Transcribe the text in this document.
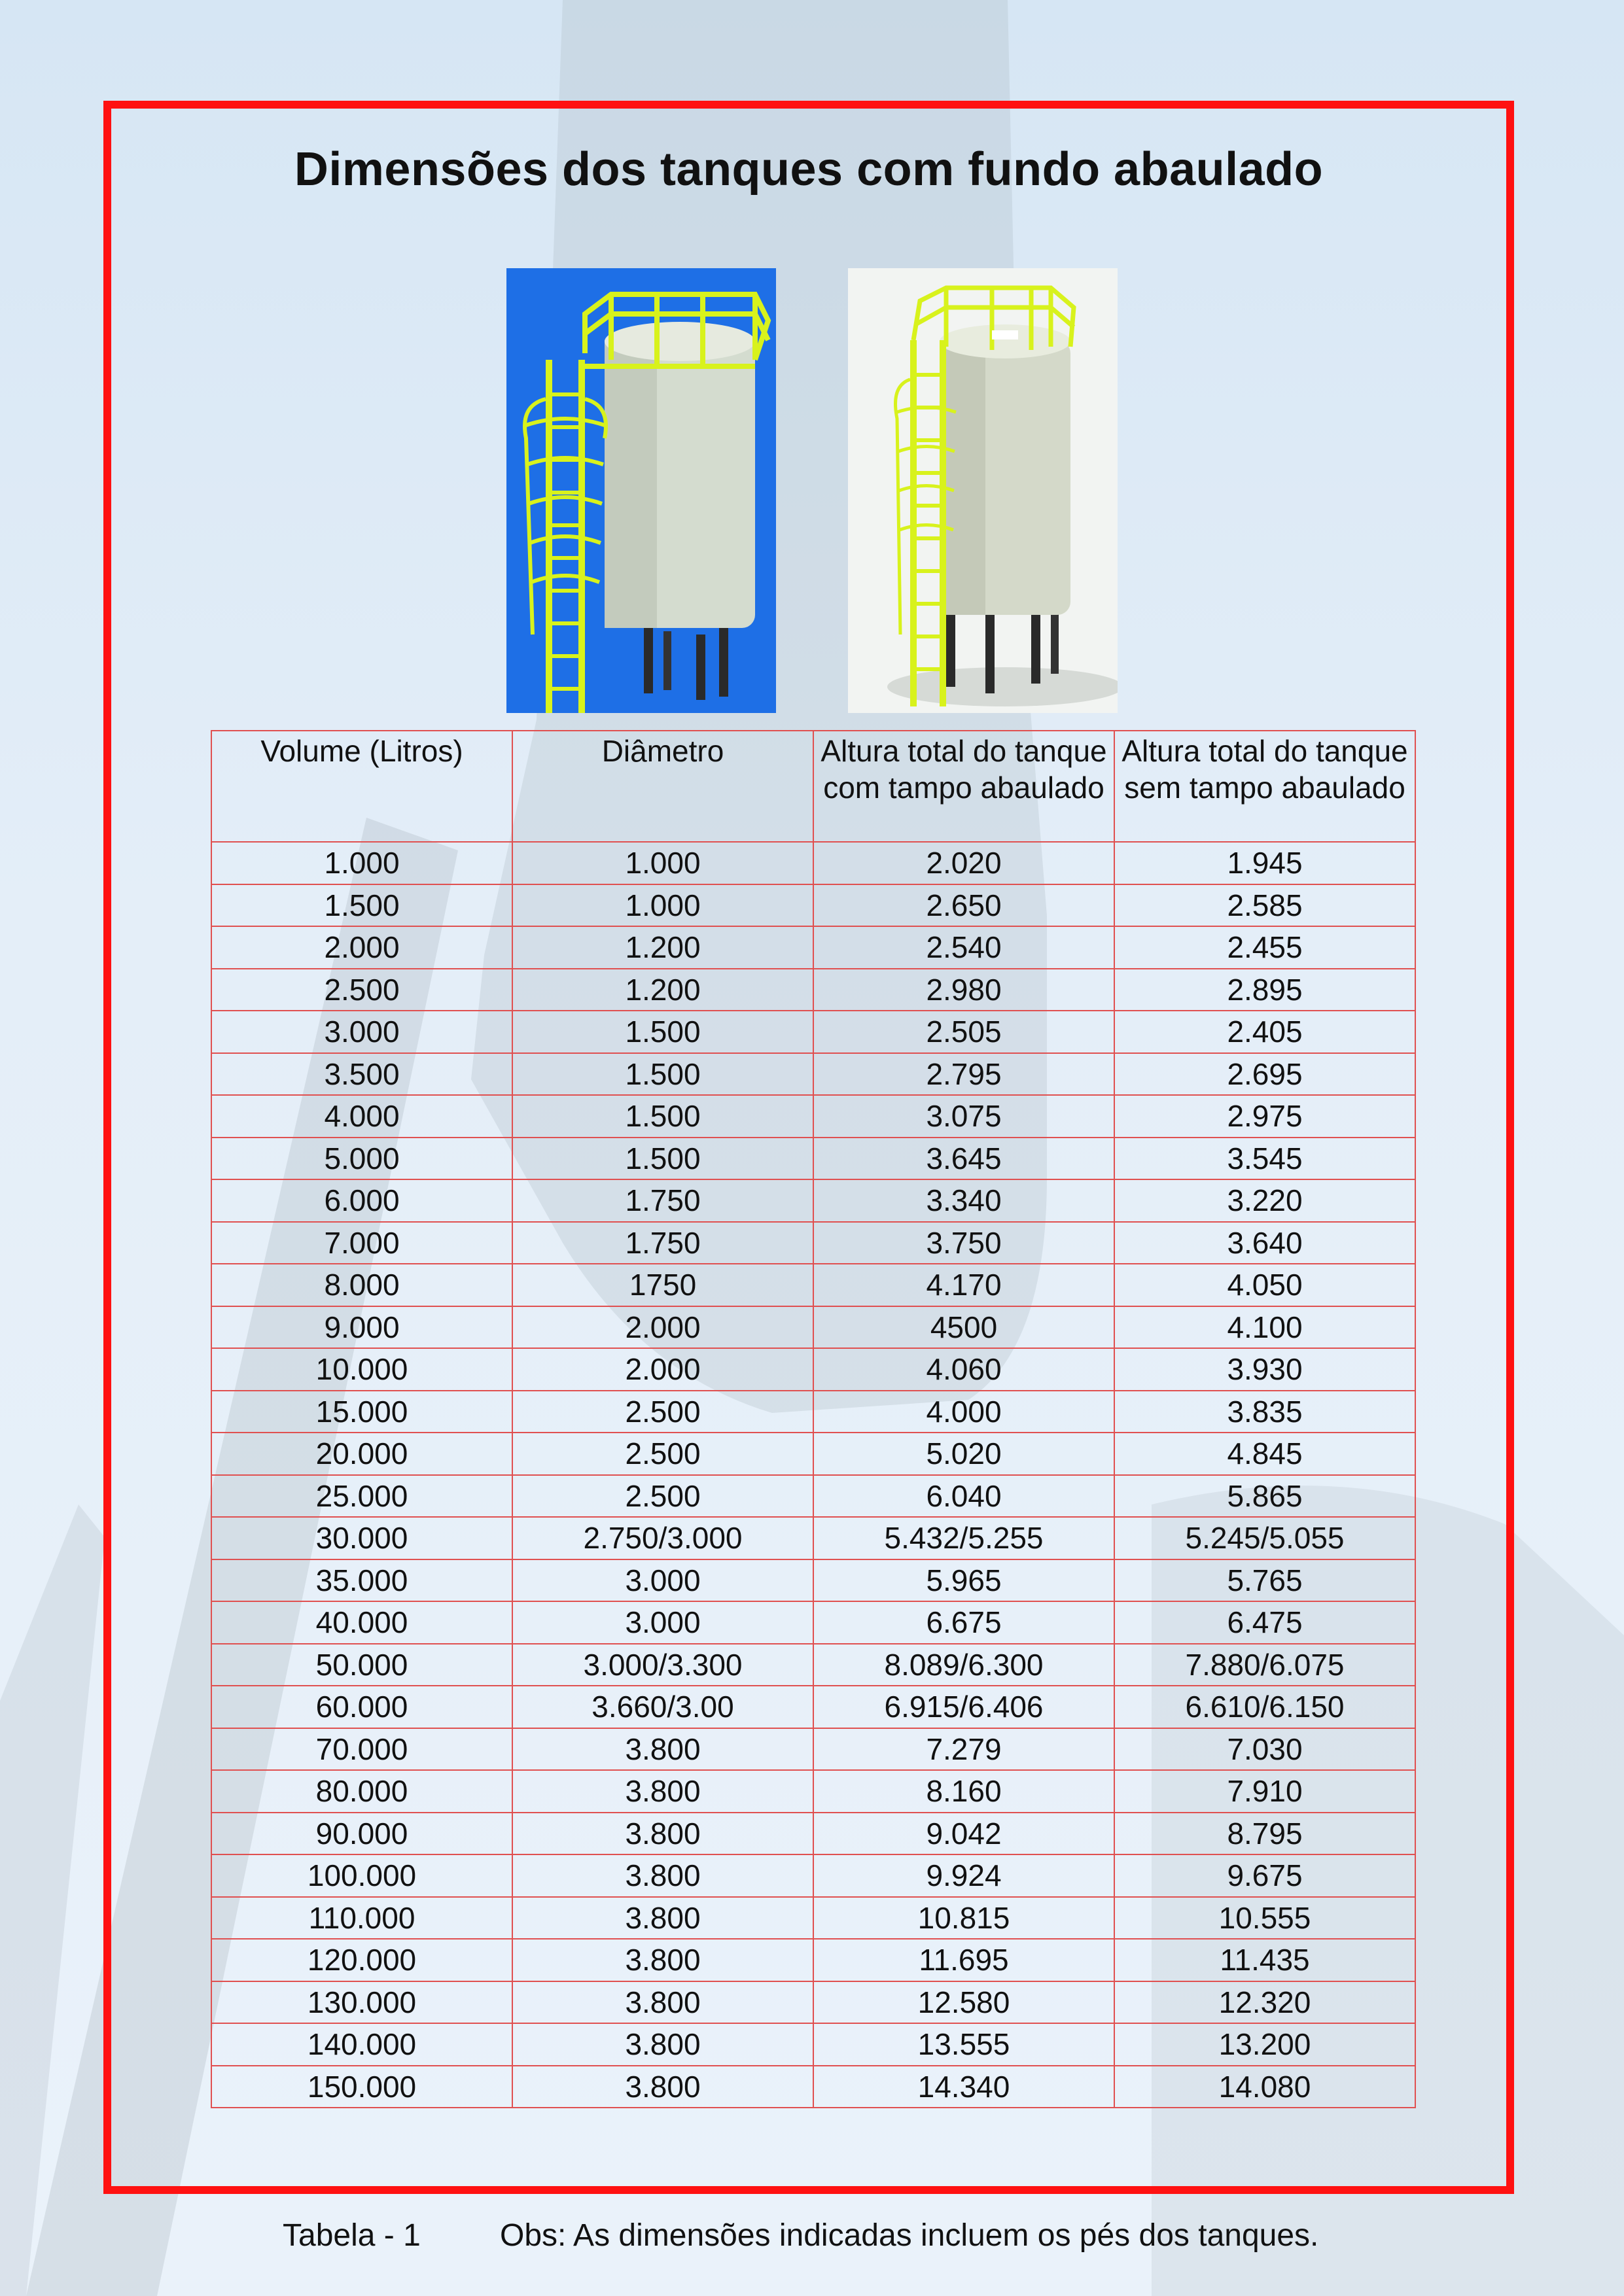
Dimensões dos tanques com fundo abaulado
Volume (Litros)	Diâmetro	Altura total do tanque com tampo abaulado	Altura total do tanque sem tampo abaulado
1.000	1.000	2.020	1.945
1.500	1.000	2.650	2.585
2.000	1.200	2.540	2.455
2.500	1.200	2.980	2.895
3.000	1.500	2.505	2.405
3.500	1.500	2.795	2.695
4.000	1.500	3.075	2.975
5.000	1.500	3.645	3.545
6.000	1.750	3.340	3.220
7.000	1.750	3.750	3.640
8.000	1750	4.170	4.050
9.000	2.000	4500	4.100
10.000	2.000	4.060	3.930
15.000	2.500	4.000	3.835
20.000	2.500	5.020	4.845
25.000	2.500	6.040	5.865
30.000	2.750/3.000	5.432/5.255	5.245/5.055
35.000	3.000	5.965	5.765
40.000	3.000	6.675	6.475
50.000	3.000/3.300	8.089/6.300	7.880/6.075
60.000	3.660/3.00	6.915/6.406	6.610/6.150
70.000	3.800	7.279	7.030
80.000	3.800	8.160	7.910
90.000	3.800	9.042	8.795
100.000	3.800	9.924	9.675
110.000	3.800	10.815	10.555
120.000	3.800	11.695	11.435
130.000	3.800	12.580	12.320
140.000	3.800	13.555	13.200
150.000	3.800	14.340	14.080
Tabela - 1	Obs: As dimensões indicadas incluem os pés dos tanques.
